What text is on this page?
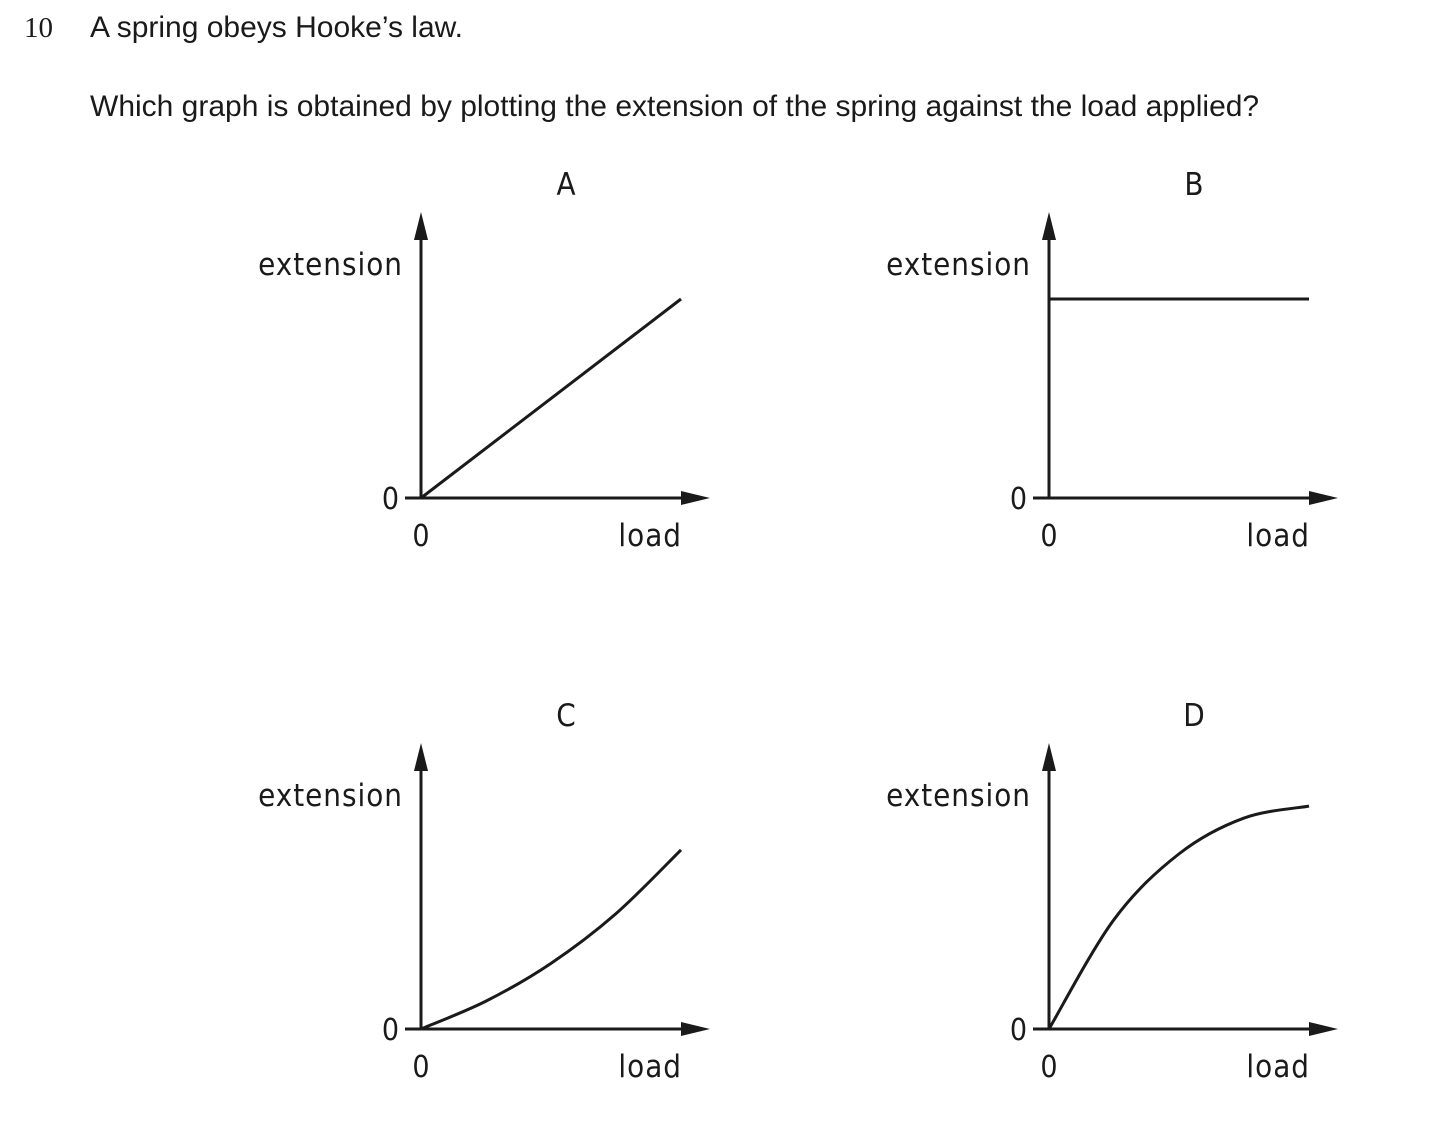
10 A spring obeys Hooke’s law.
Which graph is obtained by plotting the extension of the spring against the load applied?
A
extension
load
0
0
B
extension
load
0
0
C
extension
load
0
0
D
extension
load
0
0
